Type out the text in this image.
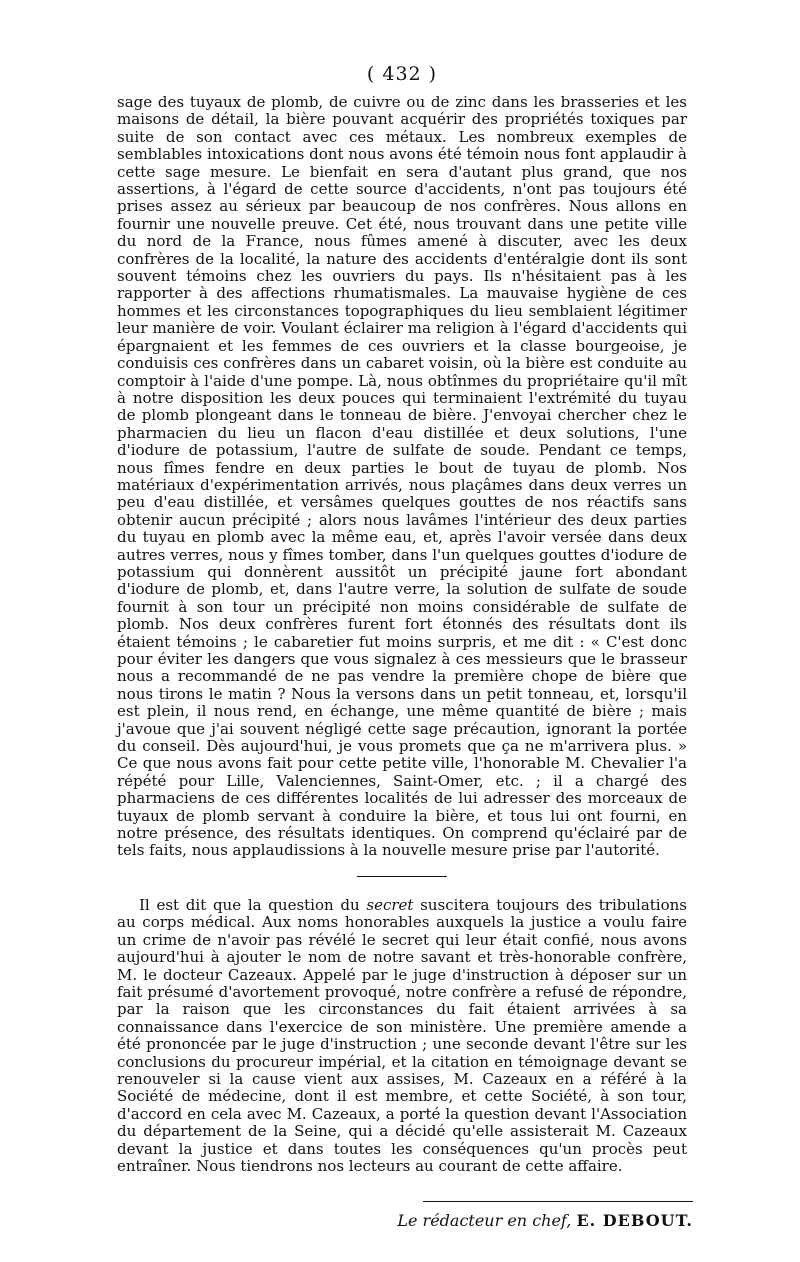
( 432 )

sage des tuyaux de plomb, de cuivre ou de zinc dans les brasseries et les maisons de détail, la bière pouvant acquérir des propriétés toxiques par suite de son contact avec ces métaux. Les nombreux exemples de semblables intoxications dont nous avons été témoin nous font applaudir à cette sage mesure. Le bienfait en sera d'autant plus grand, que nos assertions, à l'égard de cette source d'accidents, n'ont pas toujours été prises assez au sérieux par beaucoup de nos confrères. Nous allons en fournir une nouvelle preuve. Cet été, nous trouvant dans une petite ville du nord de la France, nous fûmes amené à discuter, avec les deux confrères de la localité, la nature des accidents d'entéralgie dont ils sont souvent témoins chez les ouvriers du pays. Ils n'hésitaient pas à les rapporter à des affections rhumatismales. La mauvaise hygiène de ces hommes et les circonstances topographiques du lieu semblaient légitimer leur manière de voir. Voulant éclairer ma religion à l'égard d'accidents qui épargnaient et les femmes de ces ouvriers et la classe bourgeoise, je conduisis ces confrères dans un cabaret voisin, où la bière est conduite au comptoir à l'aide d'une pompe. Là, nous obtînmes du propriétaire qu'il mît à notre disposition les deux pouces qui terminaient l'extrémité du tuyau de plomb plongeant dans le tonneau de bière. J'envoyai chercher chez le pharmacien du lieu un flacon d'eau distillée et deux solutions, l'une d'iodure de potassium, l'autre de sulfate de soude. Pendant ce temps, nous fîmes fendre en deux parties le bout de tuyau de plomb. Nos matériaux d'expérimentation arrivés, nous plaçâmes dans deux verres un peu d'eau distillée, et versâmes quelques gouttes de nos réactifs sans obtenir aucun précipité ; alors nous lavâmes l'intérieur des deux parties du tuyau en plomb avec la même eau, et, après l'avoir versée dans deux autres verres, nous y fîmes tomber, dans l'un quelques gouttes d'iodure de potassium qui donnèrent aussitôt un précipité jaune fort abondant d'iodure de plomb, et, dans l'autre verre, la solution de sulfate de soude fournit à son tour un précipité non moins considérable de sulfate de plomb. Nos deux confrères furent fort étonnés des résultats dont ils étaient témoins ; le cabaretier fut moins surpris, et me dit : « C'est donc pour éviter les dangers que vous signalez à ces messieurs que le brasseur nous a recommandé de ne pas vendre la première chope de bière que nous tirons le matin ? Nous la versons dans un petit tonneau, et, lorsqu'il est plein, il nous rend, en échange, une même quantité de bière ; mais j'avoue que j'ai souvent négligé cette sage précaution, ignorant la portée du conseil. Dès aujourd'hui, je vous promets que ça ne m'arrivera plus. » Ce que nous avons fait pour cette petite ville, l'honorable M. Chevalier l'a répété pour Lille, Valenciennes, Saint-Omer, etc. ; il a chargé des pharmaciens de ces différentes localités de lui adresser des morceaux de tuyaux de plomb servant à conduire la bière, et tous lui ont fourni, en notre présence, des résultats identiques. On comprend qu'éclairé par de tels faits, nous applaudissions à la nouvelle mesure prise par l'autorité.

Il est dit que la question du secret suscitera toujours des tribulations au corps médical. Aux noms honorables auxquels la justice a voulu faire un crime de n'avoir pas révélé le secret qui leur était confié, nous avons aujourd'hui à ajouter le nom de notre savant et très-honorable confrère, M. le docteur Cazeaux. Appelé par le juge d'instruction à déposer sur un fait présumé d'avortement provoqué, notre confrère a refusé de répondre, par la raison que les circonstances du fait étaient arrivées à sa connaissance dans l'exercice de son ministère. Une première amende a été prononcée par le juge d'instruction ; une seconde devant l'être sur les conclusions du procureur impérial, et la citation en témoignage devant se renouveler si la cause vient aux assises, M. Cazeaux en a référé à la Société de médecine, dont il est membre, et cette Société, à son tour, d'accord en cela avec M. Cazeaux, a porté la question devant l'Association du département de la Seine, qui a décidé qu'elle assisterait M. Cazeaux devant la justice et dans toutes les conséquences qu'un procès peut entraîner. Nous tiendrons nos lecteurs au courant de cette affaire.

Le rédacteur en chef, E. DEBOUT.
